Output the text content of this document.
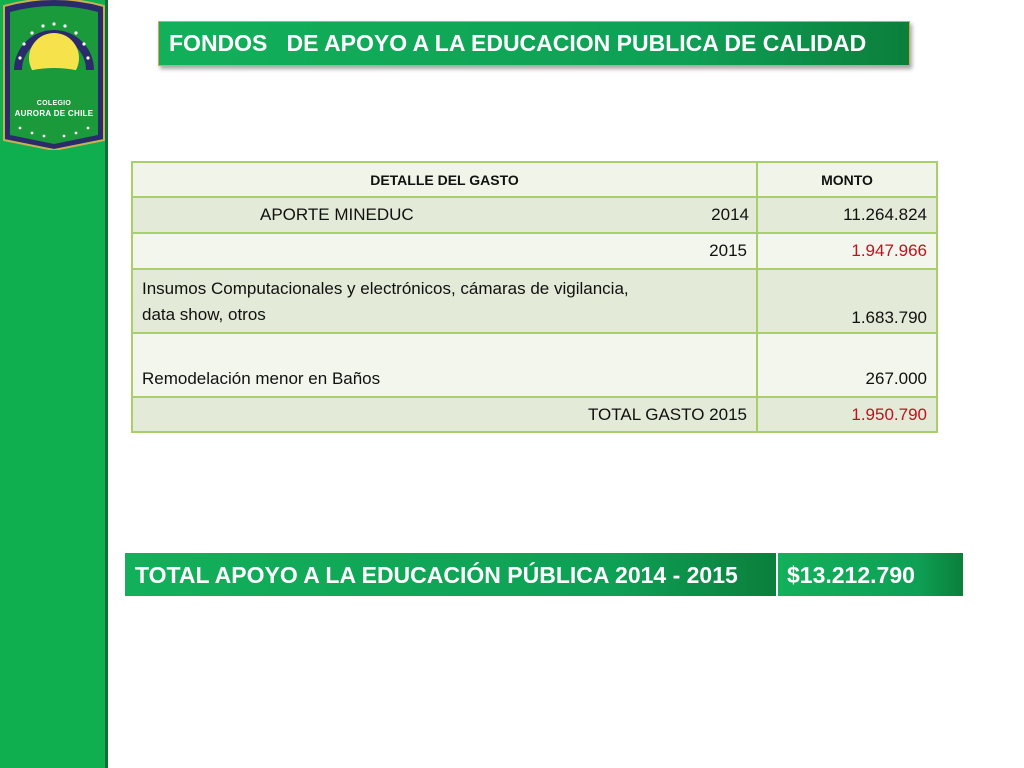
COLEGIO
AURORA DE CHILE
FONDOS   DE APOYO A LA EDUCACION PUBLICA DE CALIDAD
DETALLE DEL GASTO	MONTO

APORTE MINEDUC 2014	11.264.824
2015	1.947.966

Insumos Computacionales y electrónicos, cámaras de vigilancia,
data show, otros	1.683.790
Remodelación menor en Baños	267.000
TOTAL GASTO 2015	1.950.790
TOTAL APOYO A LA EDUCACIÓN PÚBLICA 2014 - 2015	$13.212.790
